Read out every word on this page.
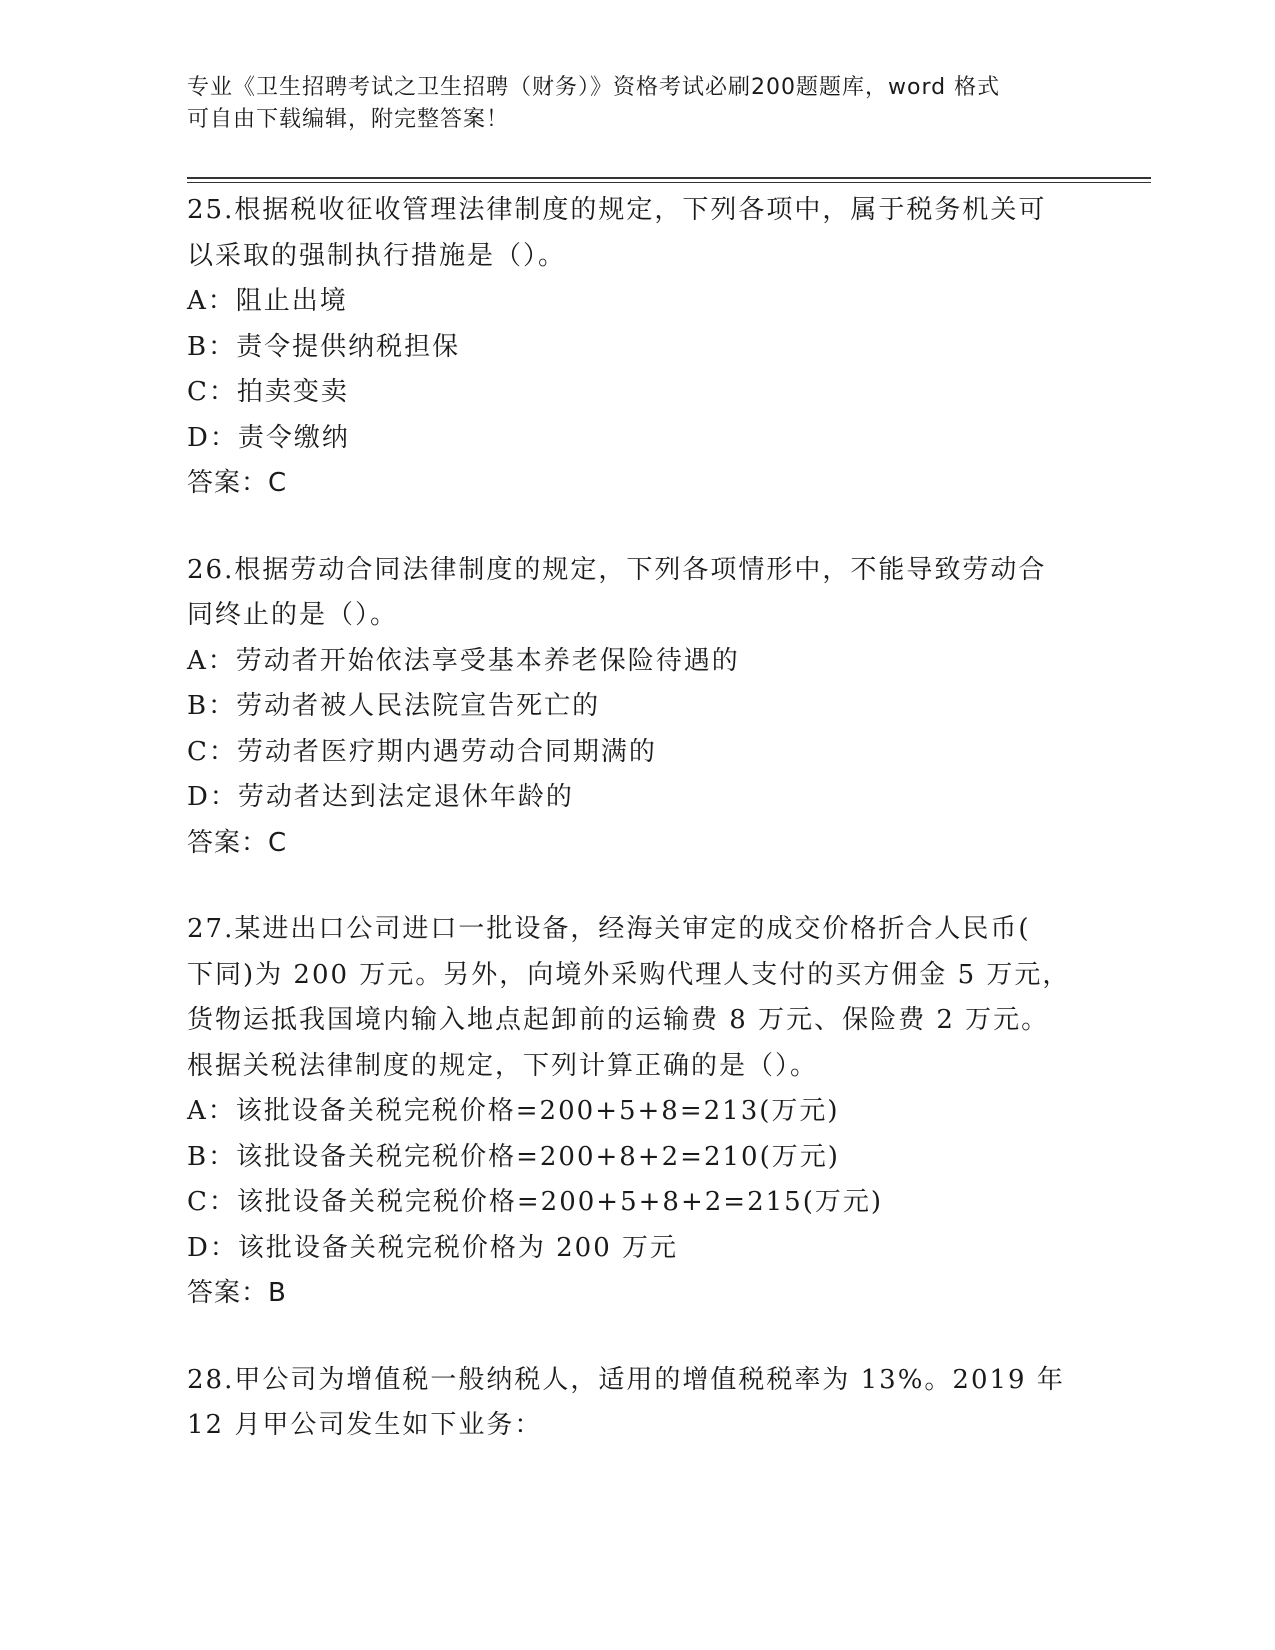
专业《卫生招聘考试之卫生招聘（财务）》资格考试必刷200题题库，word 格式
可自由下载编辑，附完整答案！
25.根据税收征收管理法律制度的规定，下列各项中，属于税务机关可
以采取的强制执行措施是（）。
A：阻止出境
B：责令提供纳税担保
C：拍卖变卖
D：责令缴纳
答案：C
26.根据劳动合同法律制度的规定，下列各项情形中，不能导致劳动合
同终止的是（）。
A：劳动者开始依法享受基本养老保险待遇的
B：劳动者被人民法院宣告死亡的
C：劳动者医疗期内遇劳动合同期满的
D：劳动者达到法定退休年龄的
答案：C
27.某进出口公司进口一批设备，经海关审定的成交价格折合人民币(
下同)为 200 万元。另外，向境外采购代理人支付的买方佣金 5 万元，
货物运抵我国境内输入地点起卸前的运输费 8 万元、保险费 2 万元。
根据关税法律制度的规定，下列计算正确的是（）。
A：该批设备关税完税价格=200+5+8=213(万元)
B：该批设备关税完税价格=200+8+2=210(万元)
C：该批设备关税完税价格=200+5+8+2=215(万元)
D：该批设备关税完税价格为 200 万元
答案：B
28.甲公司为增值税一般纳税人，适用的增值税税率为 13%。2019 年
12 月甲公司发生如下业务：
